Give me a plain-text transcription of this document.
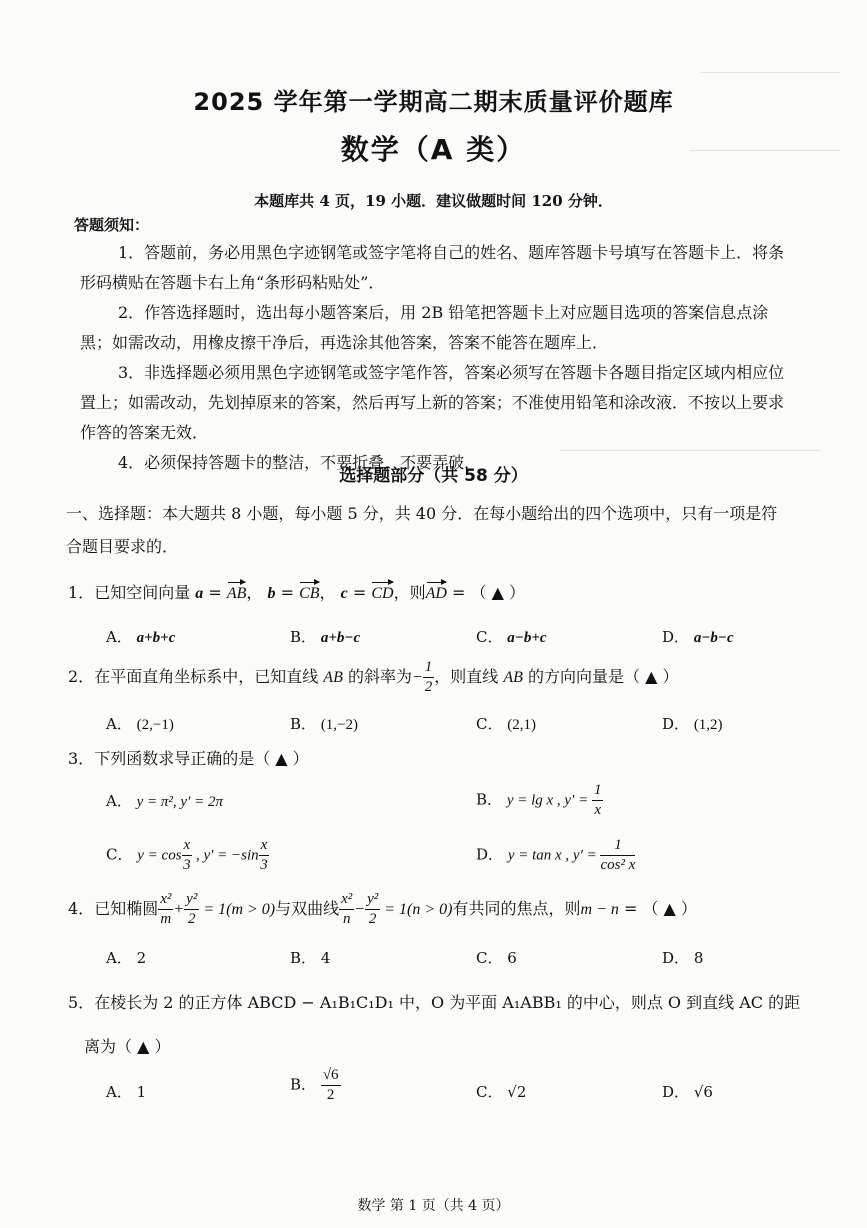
2025 学年第一学期高二期末质量评价题库
数学（A 类）
本题库共 4 页，19 小题．建议做题时间 120 分钟．
答题须知：

1．答题前，务必用黑色字迹钢笔或签字笔将自己的姓名、题库答题卡号填写在答题卡上．将条形码横贴在答题卡右上角“条形码粘贴处”．

2．作答选择题时，选出每小题答案后，用 2B 铅笔把答题卡上对应题目选项的答案信息点涂黑；如需改动，用橡皮擦干净后，再选涂其他答案，答案不能答在题库上．

3．非选择题必须用黑色字迹钢笔或签字笔作答，答案必须写在答题卡各题目指定区域内相应位置上；如需改动，先划掉原来的答案，然后再写上新的答案；不准使用铅笔和涂改液．不按以上要求作答的答案无效．

4．必须保持答题卡的整洁，不要折叠，不要弄破．

选择题部分（共 58 分）
一、选择题：本大题共 8 小题，每小题 5 分，共 40 分．在每小题给出的四个选项中，只有一项是符合题目要求的．
1．已知空间向量 a = AB， b = CB， c = CD，则AD = （ ▲ ）
A． a+b+c	B． a+b−c	C． a−b+c	D． a−b−c
2．在平面直角坐标系中，已知直线 AB 的斜率为− $\frac{1}{2}$ ，则直线 AB 的方向向量是（ ▲ ）
A． (2,−1)	B． (1,−2)	C． (2,1)	D． (1,2)
3．下列函数求导正确的是（ ▲ ）
A． y = π², y′ = 2π	B． y = lg x , $y' = \frac{1}{x}$
C． $y = \cos \frac{x}{3}$ , $y' = -\sin \frac{x}{3}$	D． y = tan x , $y' = \frac{1}{\text{cos² x}}$
4．已知椭圆 $\frac{\text{x²}}{m} + \frac{\text{y²}}{2} = 1(m > 0)$与双曲线 $\frac{\text{x²}}{n} - \frac{\text{y²}}{2} = 1(n > 0)$有共同的焦点，则m − n = （ ▲ ）
A． 2	B． 4	C． 6	D． 8
5．在棱长为 2 的正方体 ABCD − A₁B₁C₁D₁ 中，O 为平面 A₁ABB₁ 的中心，则点 O 到直线 AC 的距
离为（ ▲ ）
A． 1	B． $\frac{√6}{2}$	C． √2	D． √6
数学 第 1 页（共 4 页）
